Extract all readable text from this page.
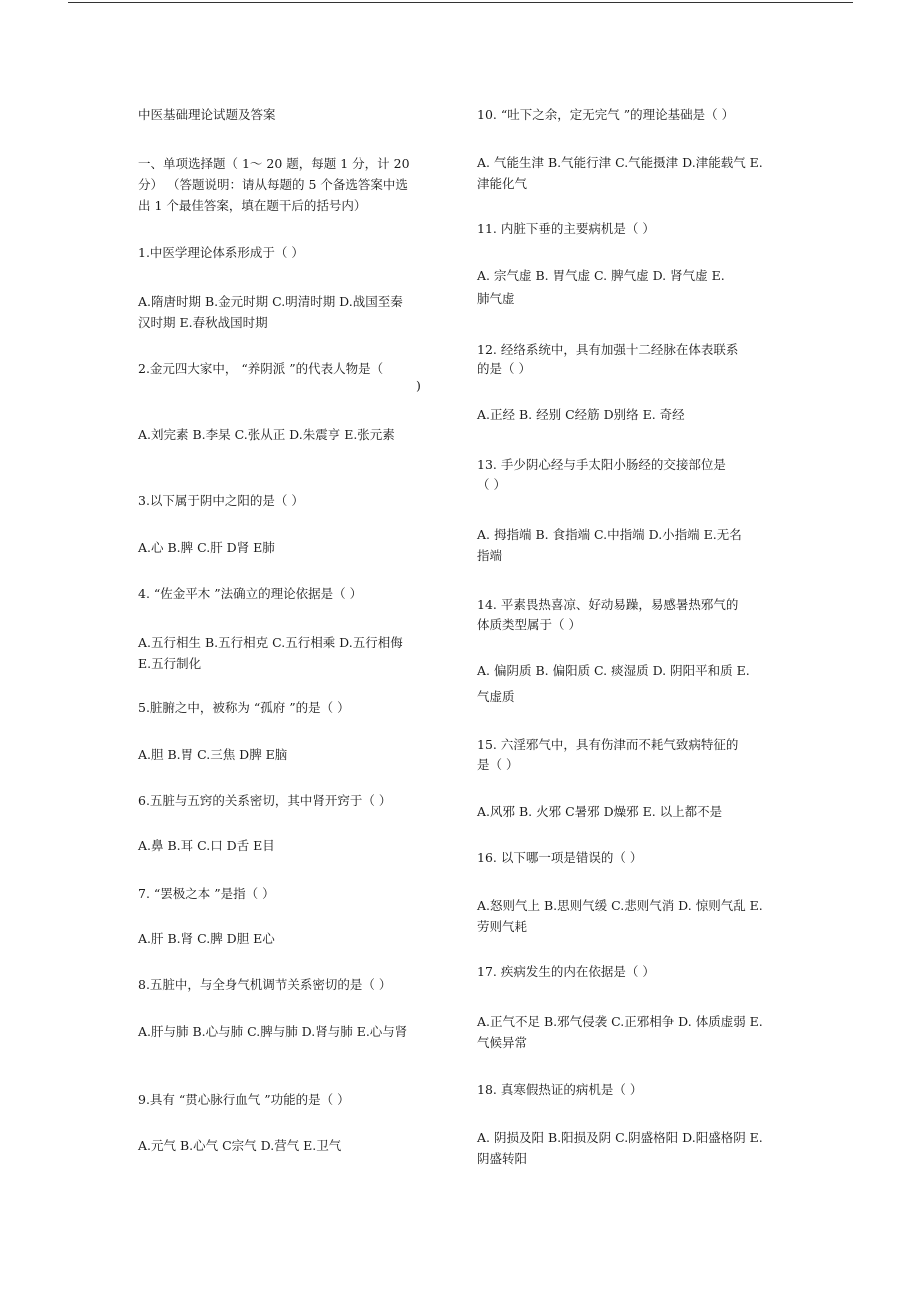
中医基础理论试题及答案
一、单项选择题（ 1～ 20 题，每题 1 分，计 20
分） （答题说明：请从每题的 5 个备选答案中选
出 1 个最佳答案，填在题干后的括号内）
1.中医学理论体系形成于（ ）
A.隋唐时期 B.金元时期 C.明清时期 D.战国至秦
汉时期 E.春秋战国时期
2.金元四大家中， “养阴派 ”的代表人物是（
)
A.刘完素 B.李杲 C.张从正 D.朱震亨 E.张元素
3.以下属于阴中之阳的是（ ）
A.心 B.脾 C.肝 D肾 E肺
4. “佐金平木 ”法确立的理论依据是（ ）
A.五行相生 B.五行相克 C.五行相乘 D.五行相侮
E.五行制化
5.脏腑之中，被称为 “孤府 ”的是（ ）
A.胆 B.胃 C.三焦 D脾 E脑
6.五脏与五窍的关系密切，其中肾开窍于（ ）
A.鼻 B.耳 C.口 D舌 E目
7. “罢极之本 ”是指（ ）
A.肝 B.肾 C.脾 D胆 E心
8.五脏中，与全身气机调节关系密切的是（ ）
A.肝与肺 B.心与肺 C.脾与肺 D.肾与肺 E.心与肾
9.具有 “贯心脉行血气 ”功能的是（ ）
A.元气 B.心气 C宗气 D.营气 E.卫气
10. “吐下之余，定无完气 ”的理论基础是（ ）
A. 气能生津 B.气能行津 C.气能摄津 D.津能载气 E.
津能化气
11. 内脏下垂的主要病机是（ ）
A. 宗气虚 B. 胃气虚 C. 脾气虚 D. 肾气虚 E.
肺气虚
12. 经络系统中，具有加强十二经脉在体表联系
的是（ ）
A.正经 B. 经别 C经筋 D别络 E. 奇经
13. 手少阴心经与手太阳小肠经的交接部位是
（ ）
A. 拇指端 B. 食指端 C.中指端 D.小指端 E.无名
指端
14. 平素畏热喜凉、好动易躁，易感暑热邪气的
体质类型属于（ ）
A. 偏阴质 B. 偏阳质 C. 痰湿质 D. 阴阳平和质 E.
气虚质
15. 六淫邪气中，具有伤津而不耗气致病特征的
是（ ）
A.风邪 B. 火邪 C暑邪 D燥邪 E. 以上都不是
16. 以下哪一项是错误的（ ）
A.怒则气上 B.思则气缓 C.悲则气消 D. 惊则气乱 E.
劳则气耗
17. 疾病发生的内在依据是（ ）
A.正气不足 B.邪气侵袭 C.正邪相争 D. 体质虚弱 E.
气候异常
18. 真寒假热证的病机是（ ）
A. 阴损及阳 B.阳损及阴 C.阴盛格阳 D.阳盛格阴 E.
阴盛转阳
